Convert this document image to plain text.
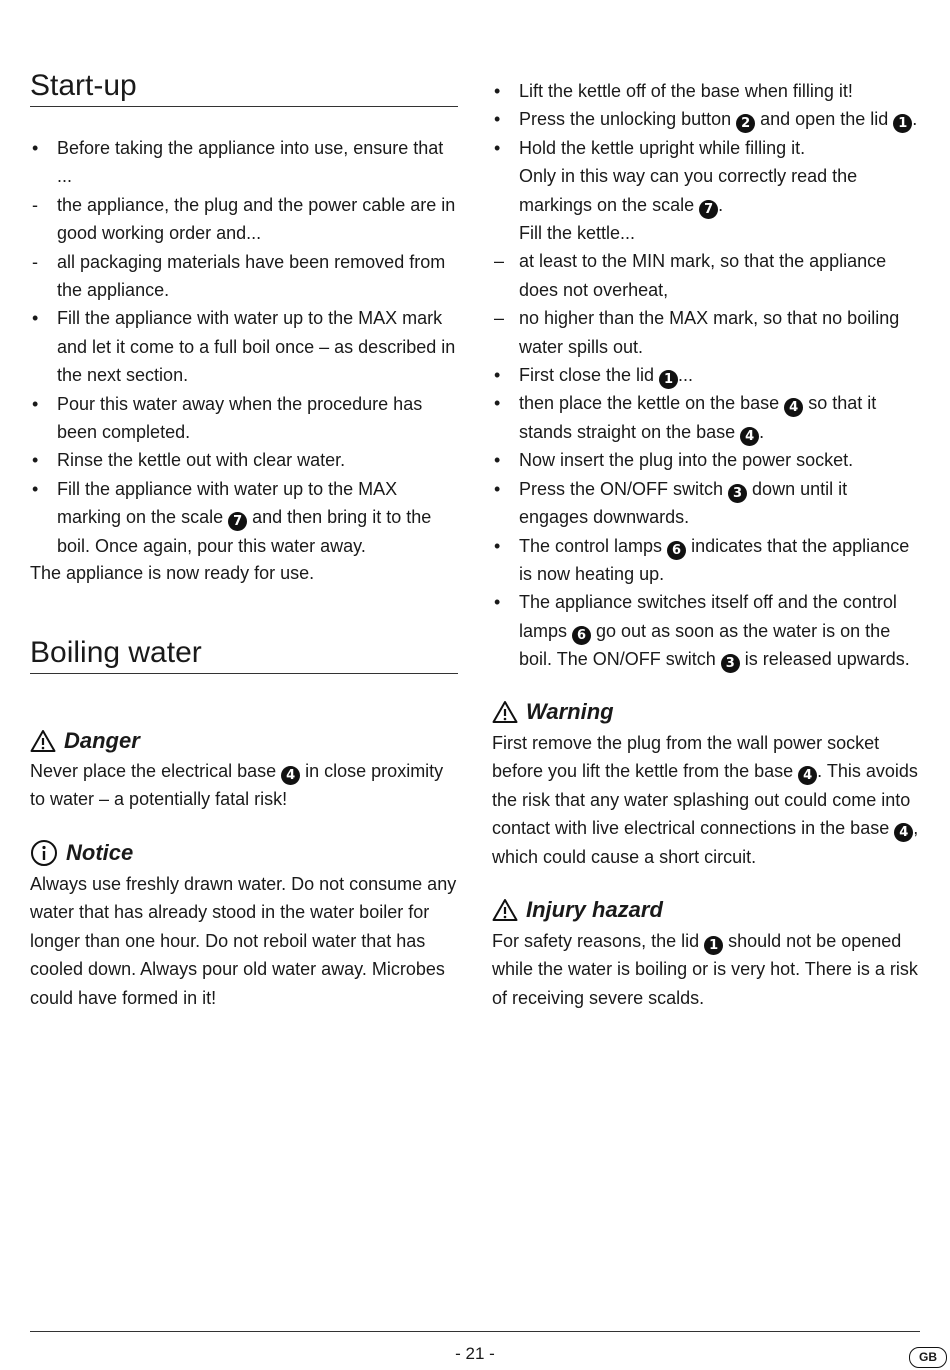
Start-up
•	Before taking the appliance into use, ensure that ...
-	the appliance, the plug and the power cable are in good working order and...
-	all packaging materials have been removed from the appliance.
•	Fill the appliance with water up to the MAX mark and let it come to a full boil once – as described in the next section.
•	Pour this water away when the procedure has been completed.
•	Rinse the kettle out with clear water.
•	Fill the appliance with water up to the MAX marking on the scale 7 and then bring it to the boil. Once again, pour this water away.

The appliance is now ready for use.

Boiling water
Danger

Never place the electrical base 4 in close proximity to water – a potentially fatal risk!

Notice

Always use freshly drawn water. Do not consume any water that has already stood in the water boiler for longer than one hour. Do not reboil water that has cooled down. Always pour old water away. Microbes could have formed in it!

•	Lift the kettle off of the base when filling it!
•	Press the unlocking button 2 and open the lid 1 .
•	Hold the kettle upright while filling it.
Only in this way can you correctly read the markings on the scale 7 .
Fill the kettle...
– at least to the MIN mark, so that the appliance does not overheat,
– no higher than the MAX mark, so that no boiling water spills out.
•	First close the lid 1 ...
•	then place the kettle on the base 4 so that it stands straight on the base 4 .
•	Now insert the plug into the power socket.
•	Press the ON/OFF switch 3 down until it engages downwards.
•	The control lamps 6 indicates that the appliance is now heating up.
•	The appliance switches itself off and the control lamps 6 go out as soon as the water is on the boil. The ON/OFF switch 3 is released upwards.
Warning

First remove the plug from the wall power socket before you lift the kettle from the base 4 . This avoids the risk that any water splashing out could come into contact with live electrical connections in the base 4 , which could cause a short circuit.

Injury hazard

For safety reasons, the lid 1 should not be opened while the water is boiling or is very hot. There is a risk of receiving severe scalds.

- 21 -	GB
